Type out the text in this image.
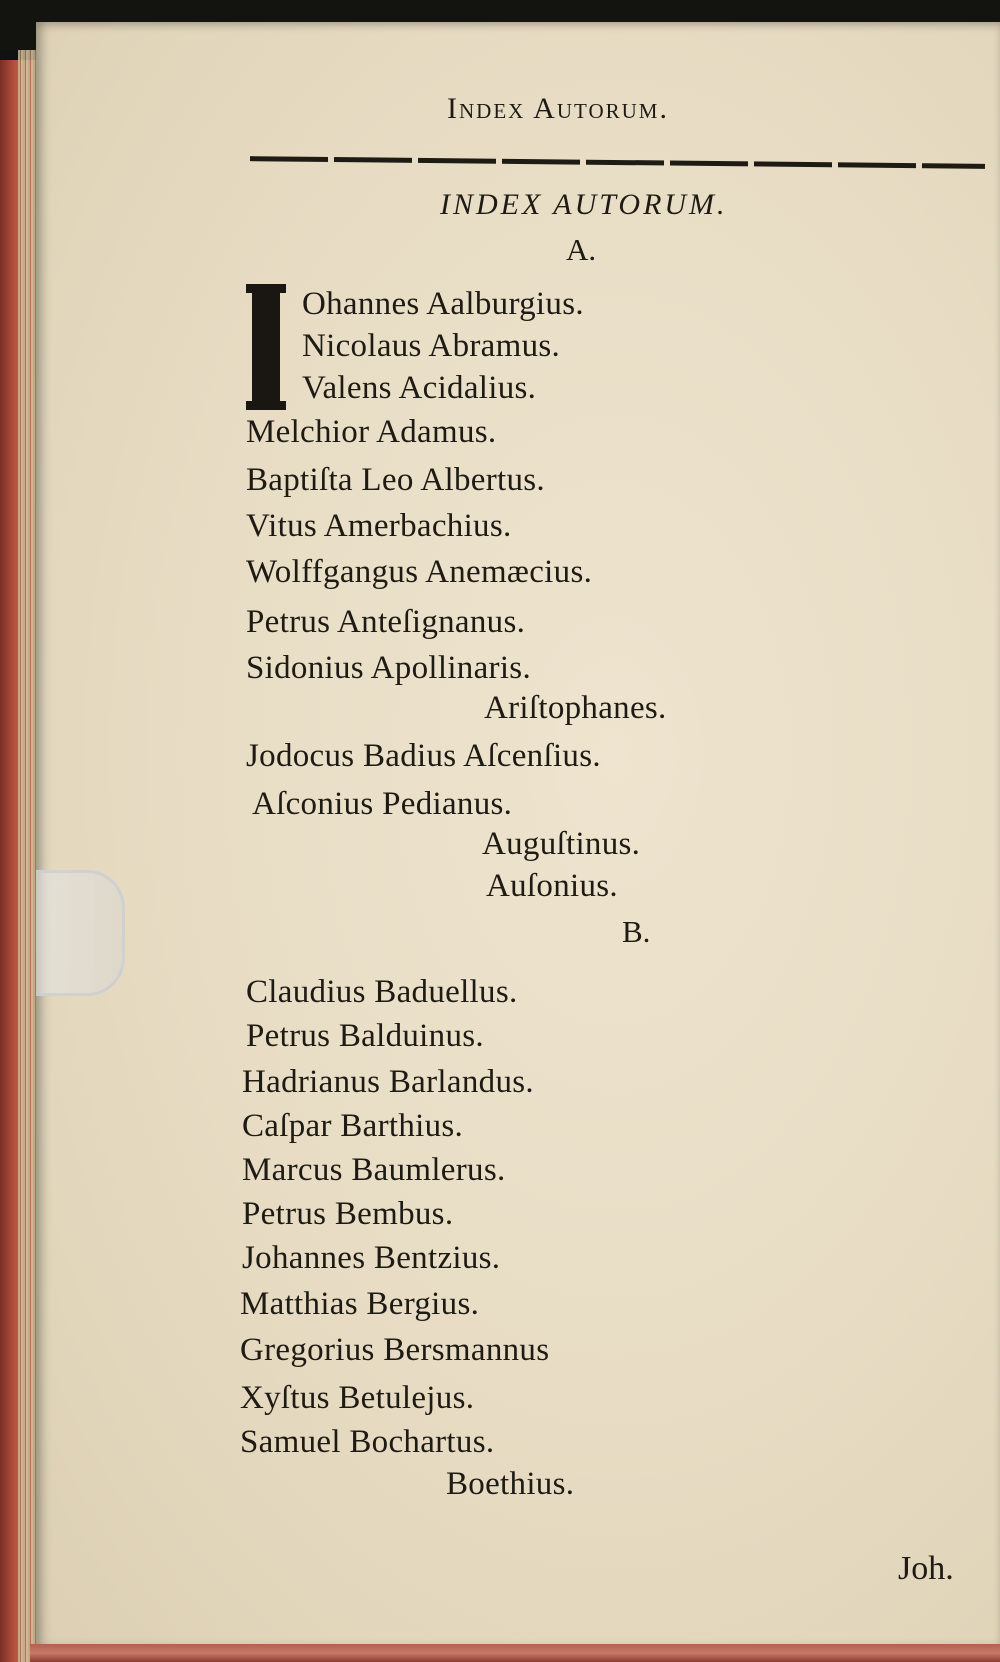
Index Autorum.
INDEX AUTORUM.
A.
Ohannes Aalburgius.
Nicolaus Abramus.
Valens Acidalius.
Melchior Adamus.
Baptiſta Leo Albertus.
Vitus Amerbachius.
Wolffgangus Anemæcius.
Petrus Anteſignanus.
Sidonius Apollinaris.
Ariſtophanes.
Jodocus Badius Aſcenſius.
Aſconius Pedianus.
Auguſtinus.
Auſonius.
B.
Claudius Baduellus.
Petrus Balduinus.
Hadrianus Barlandus.
Caſpar Barthius.
Marcus Baumlerus.
Petrus Bembus.
Johannes Bentzius.
Matthias Bergius.
Gregorius Bersmannus
Xyſtus Betulejus.
Samuel Bochartus.
Boethius.
Joh.
